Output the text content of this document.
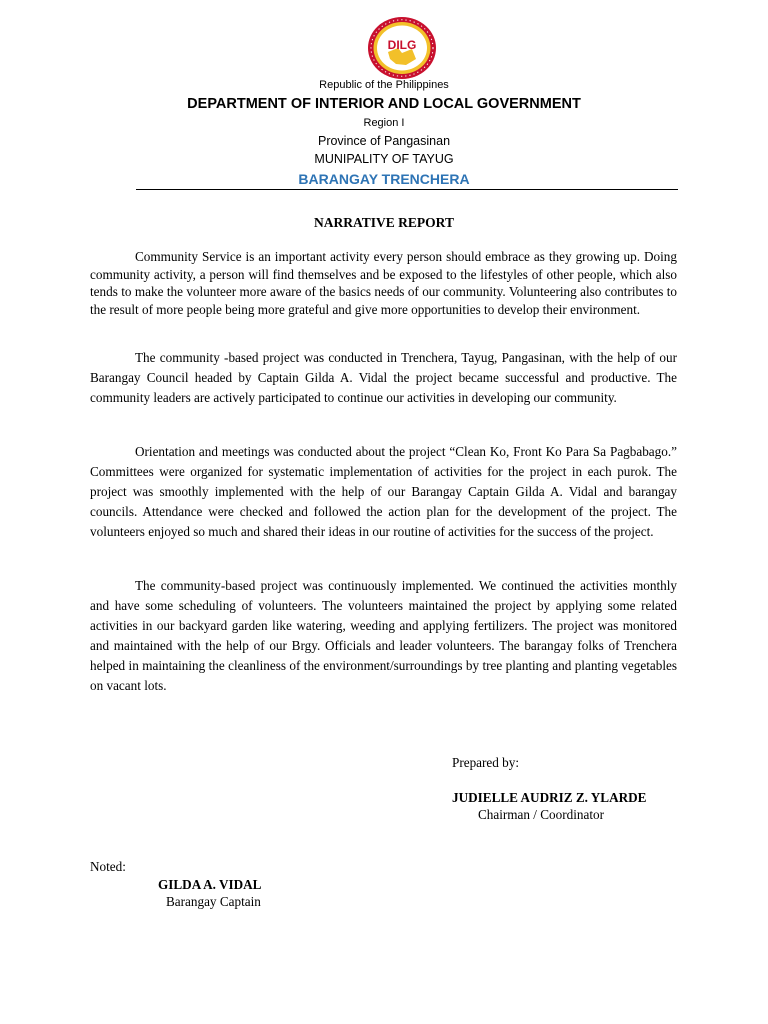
DILG
Republic of the Philippines
DEPARTMENT OF INTERIOR AND LOCAL GOVERNMENT
Region I
Province of Pangasinan
MUNIPALITY OF TAYUG
BARANGAY TRENCHERA
NARRATIVE REPORT

Community Service is an important activity every person should embrace as they growing up. Doing community activity, a person will find themselves and be exposed to the lifestyles of other people, which also tends to make the volunteer more aware of the basics needs of our community. Volunteering also contributes to the result of more people being more grateful and give more opportunities to develop their environment.

The community -based project was conducted in Trenchera, Tayug, Pangasinan, with the help of our Barangay Council headed by Captain Gilda A. Vidal the project became successful and productive. The community leaders are actively participated to continue our activities in developing our community.

Orientation and meetings was conducted about the project “Clean Ko, Front Ko Para Sa Pagbabago.” Committees were organized for systematic implementation of activities for the project in each purok. The project was smoothly implemented with the help of our Barangay Captain Gilda A. Vidal and barangay councils. Attendance were checked and followed the action plan for the development of the project. The volunteers enjoyed so much and shared their ideas in our routine of activities for the success of the project.

The community-based project was continuously implemented. We continued the activities monthly and have some scheduling of volunteers. The volunteers maintained the project by applying some related activities in our backyard garden like watering, weeding and applying fertilizers. The project was monitored and maintained with the help of our Brgy. Officials and leader volunteers. The barangay folks of Trenchera helped in maintaining the cleanliness of the environment/surroundings by tree planting and planting vegetables on vacant lots.

Prepared by:
JUDIELLE AUDRIZ Z. YLARDE
Chairman / Coordinator
Noted:
GILDA A. VIDAL
Barangay Captain
